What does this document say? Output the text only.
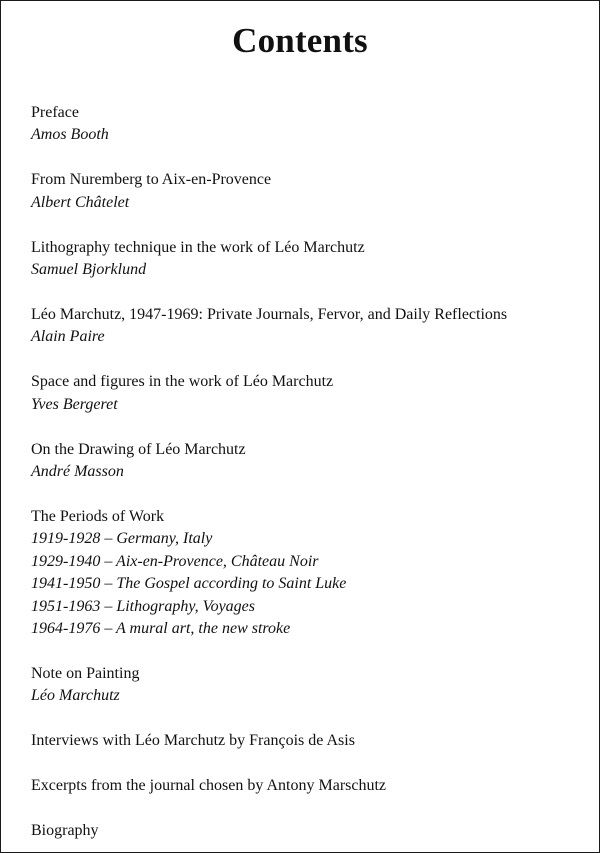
Contents
Preface
Amos Booth
From Nuremberg to Aix-en-Provence
Albert Châtelet
Lithography technique in the work of Léo Marchutz
Samuel Bjorklund
Léo Marchutz, 1947-1969: Private Journals, Fervor, and Daily Reflections
Alain Paire
Space and figures in the work of Léo Marchutz
Yves Bergeret
On the Drawing of Léo Marchutz
André Masson
The Periods of Work
1919-1928 – Germany, Italy
1929-1940 – Aix-en-Provence, Château Noir
1941-1950 – The Gospel according to Saint Luke
1951-1963 – Lithography, Voyages
1964-1976 – A mural art, the new stroke
Note on Painting
Léo Marchutz
Interviews with Léo Marchutz by François de Asis
Excerpts from the journal chosen by Antony Marschutz
Biography
